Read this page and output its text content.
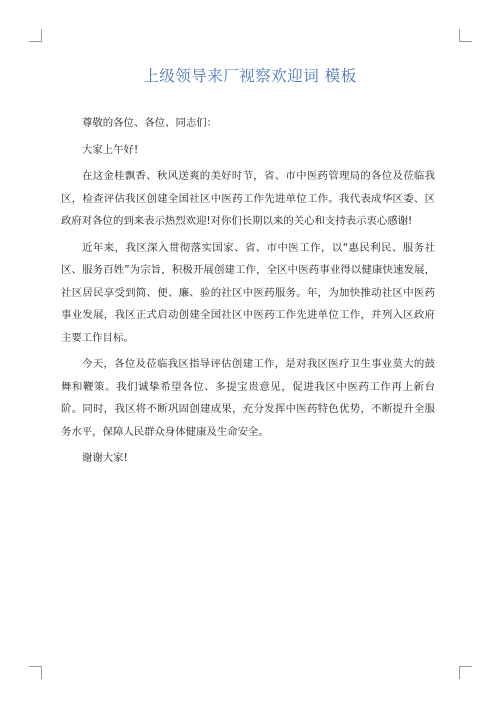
上级领导来厂视察欢迎词 模板

尊敬的各位、各位、同志们：

大家上午好!

在这金桂飘香、秋风送爽的美好时节，省、市中医药管理局的各位及莅临我区，检查评估我区创建全国社区中医药工作先进单位工作。我代表成华区委、区政府对各位的到来表示热烈欢迎!对你们长期以来的关心和支持表示衷心感谢!

近年来，我区深入贯彻落实国家、省、市中医工作，以“惠民利民、服务社区、服务百姓”为宗旨，积极开展创建工作，全区中医药事业得以健康快速发展，社区居民享受到简、便、廉、验的社区中医药服务。年，为加快推动社区中医药事业发展，我区正式启动创建全国社区中医药工作先进单位工作，并列入区政府主要工作目标。

今天，各位及莅临我区指导评估创建工作，是对我区医疗卫生事业莫大的鼓舞和鞭策。我们诚挚希望各位、多提宝贵意见，促进我区中医药工作再上新台阶。同时，我区将不断巩固创建成果，充分发挥中医药特色优势，不断提升全服务水平，保障人民群众身体健康及生命安全。

谢谢大家!
